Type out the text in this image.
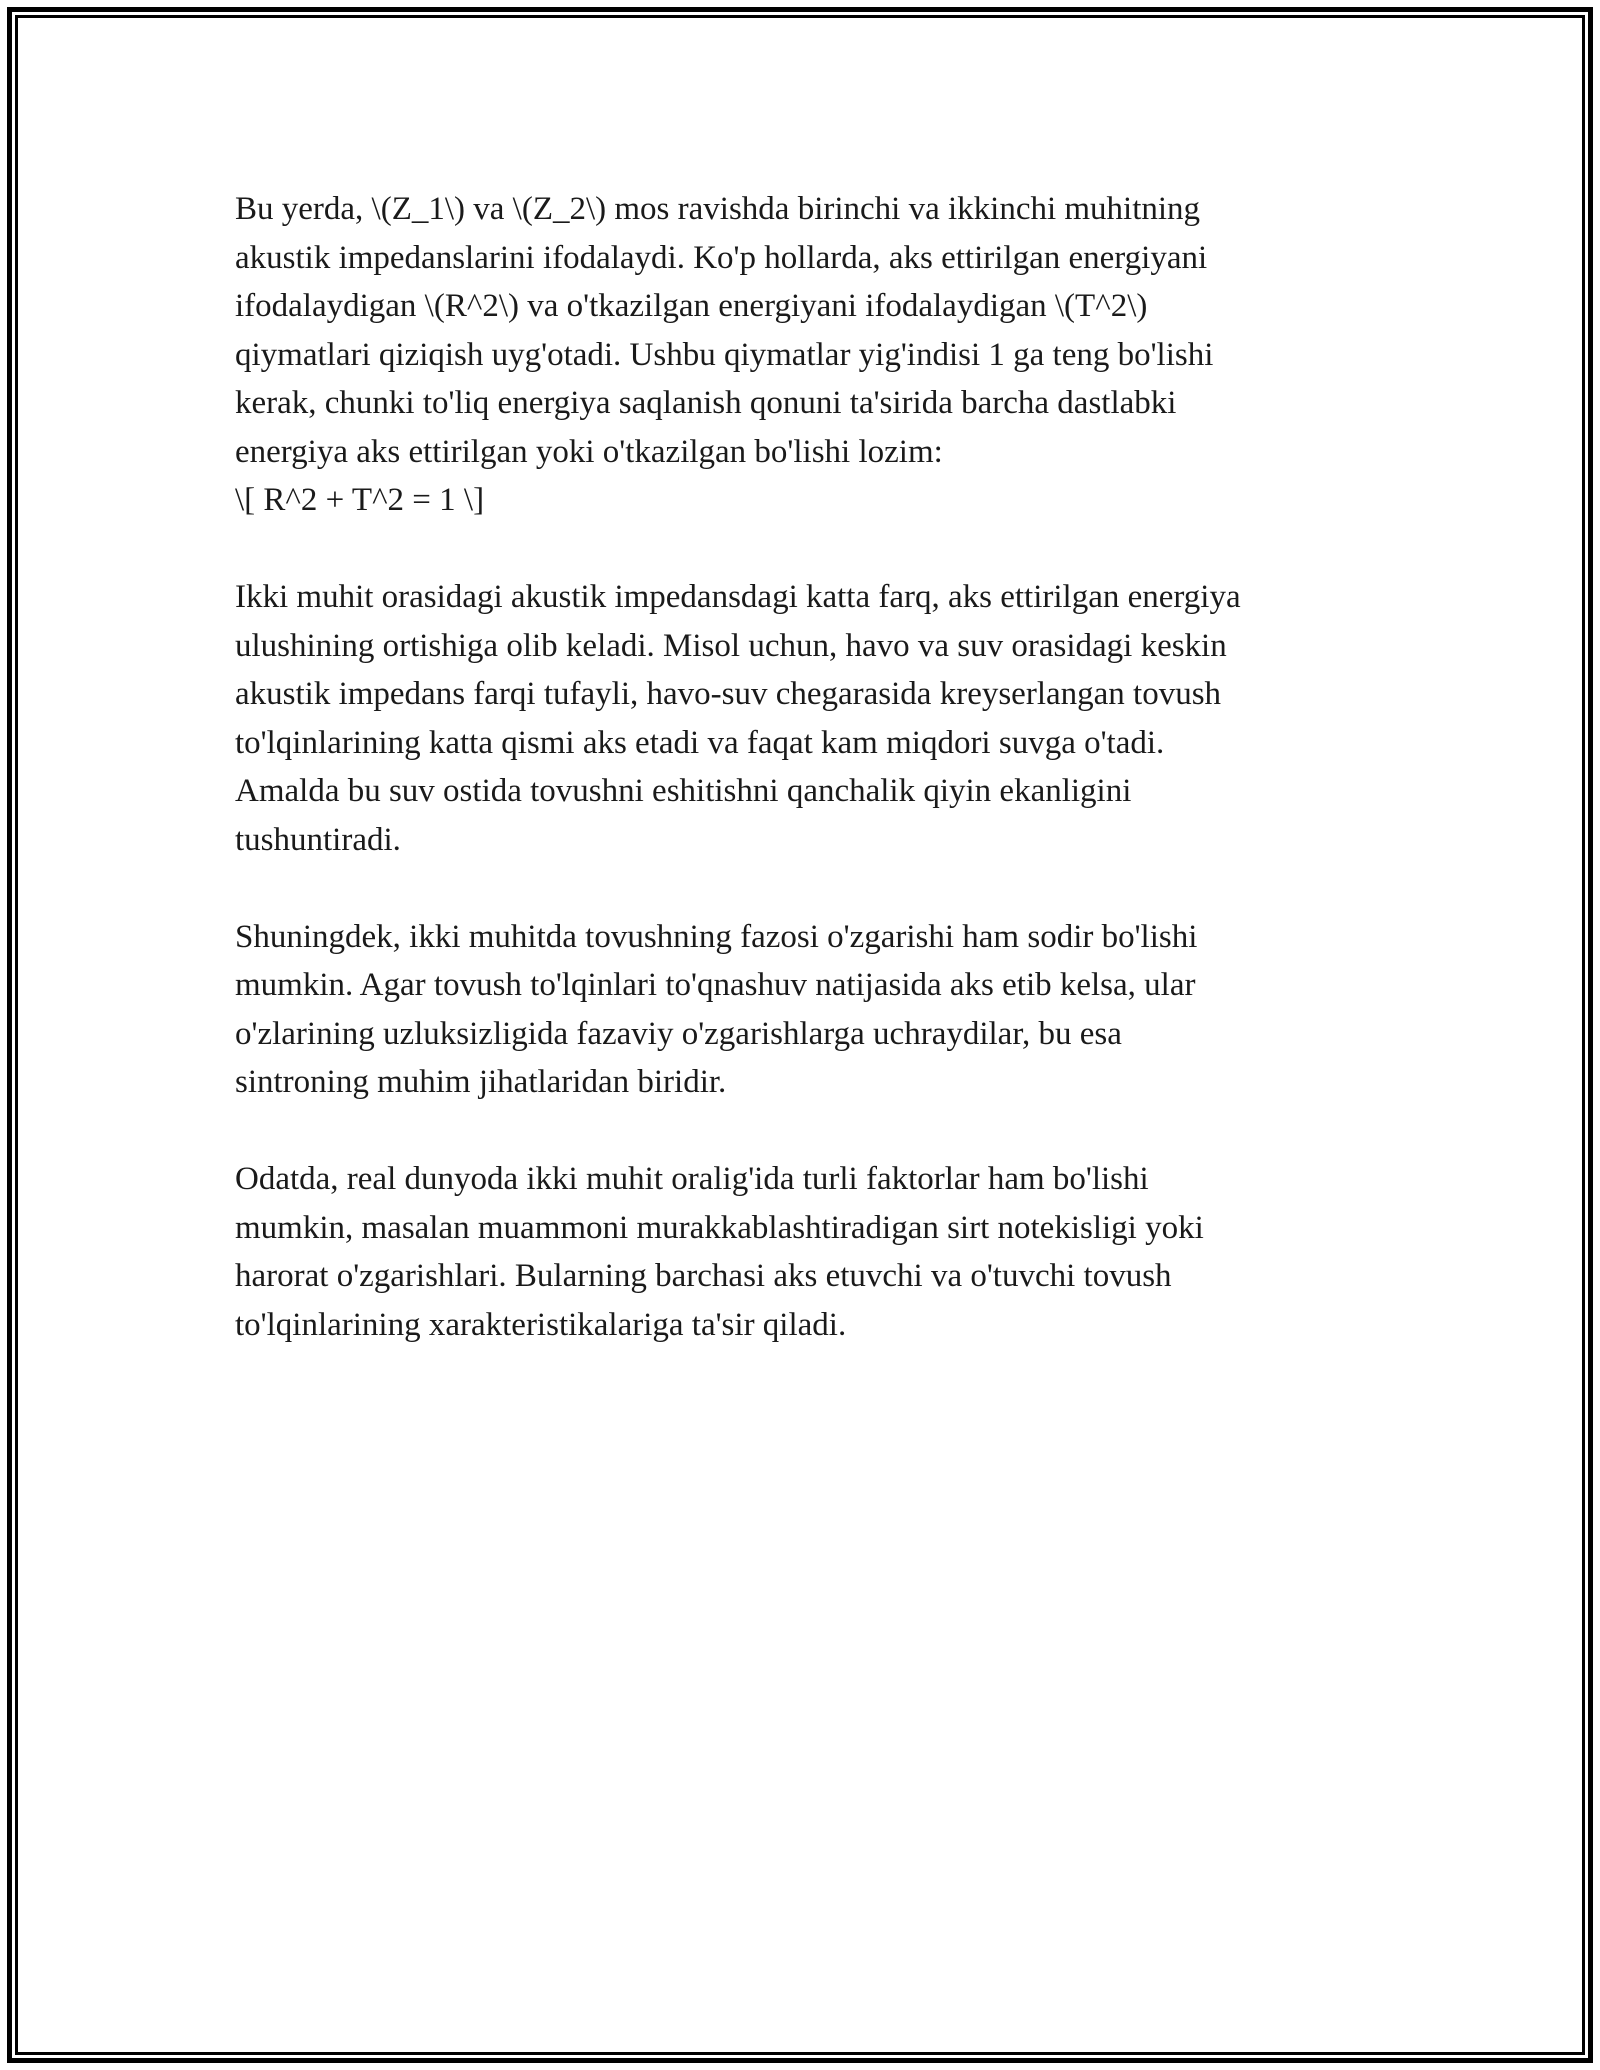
Bu yerda, \(Z_1\) va \(Z_2\) mos ravishda birinchi va ikkinchi muhitning
akustik impedanslarini ifodalaydi. Ko'p hollarda, aks ettirilgan energiyani
ifodalaydigan \(R^2\) va o'tkazilgan energiyani ifodalaydigan \(T^2\)
qiymatlari qiziqish uyg'otadi. Ushbu qiymatlar yig'indisi 1 ga teng bo'lishi
kerak, chunki to'liq energiya saqlanish qonuni ta'sirida barcha dastlabki
energiya aks ettirilgan yoki o'tkazilgan bo'lishi lozim:
\[ R^2 + T^2 = 1 \]

Ikki muhit orasidagi akustik impedansdagi katta farq, aks ettirilgan energiya
ulushining ortishiga olib keladi. Misol uchun, havo va suv orasidagi keskin
akustik impedans farqi tufayli, havo-suv chegarasida kreyserlangan tovush
to'lqinlarining katta qismi aks etadi va faqat kam miqdori suvga o'tadi.
Amalda bu suv ostida tovushni eshitishni qanchalik qiyin ekanligini
tushuntiradi.

Shuningdek, ikki muhitda tovushning fazosi o'zgarishi ham sodir bo'lishi
mumkin. Agar tovush to'lqinlari to'qnashuv natijasida aks etib kelsa, ular
o'zlarining uzluksizligida fazaviy o'zgarishlarga uchraydilar, bu esa
sintroning muhim jihatlaridan biridir.

Odatda, real dunyoda ikki muhit oralig'ida turli faktorlar ham bo'lishi
mumkin, masalan muammoni murakkablashtiradigan sirt notekisligi yoki
harorat o'zgarishlari. Bularning barchasi aks etuvchi va o'tuvchi tovush
to'lqinlarining xarakteristikalariga ta'sir qiladi.
